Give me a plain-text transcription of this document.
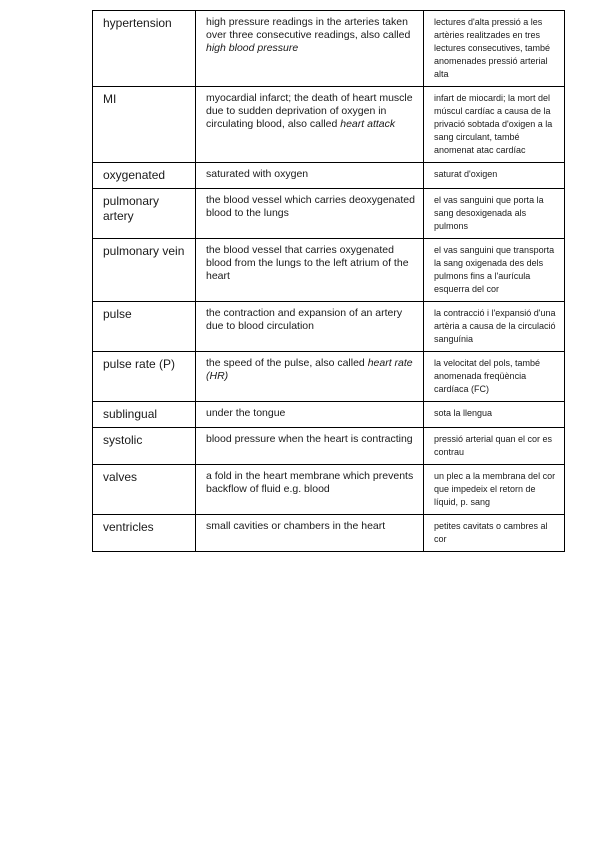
hypertension	high pressure readings in the arteries taken over three consecutive readings, also called high blood pressure	lectures d'alta pressió a les artèries realitzades en tres lectures consecutives, també anomenades pressió arterial alta
MI	myocardial infarct; the death of heart muscle due to sudden deprivation of oxygen in circulating blood, also called heart attack	infart de miocardi; la mort del múscul cardíac a causa de la privació sobtada d'oxigen a la sang circulant, també anomenat atac cardíac
oxygenated	saturated with oxygen	saturat d'oxigen
pulmonary artery	the blood vessel which carries deoxygenated blood to the lungs	el vas sanguini que porta la sang desoxigenada als pulmons
pulmonary vein	the blood vessel that carries oxygenated blood from the lungs to the left atrium of the heart	el vas sanguini que transporta la sang oxigenada des dels pulmons fins a l'aurícula esquerra del cor
pulse	the contraction and expansion of an artery due to blood circulation	la contracció i l'expansió d'una artèria a causa de la circulació sanguínia
pulse rate (P)	the speed of the pulse, also called heart rate (HR)	la velocitat del pols, també anomenada freqüència cardíaca (FC)
sublingual	under the tongue	sota la llengua
systolic	blood pressure when the heart is contracting	pressió arterial quan el cor es contrau
valves	a fold in the heart membrane which prevents backflow of fluid e.g. blood	un plec a la membrana del cor que impedeix el retorn de líquid, p. sang
ventricles	small cavities or chambers in the heart	petites cavitats o cambres al cor
